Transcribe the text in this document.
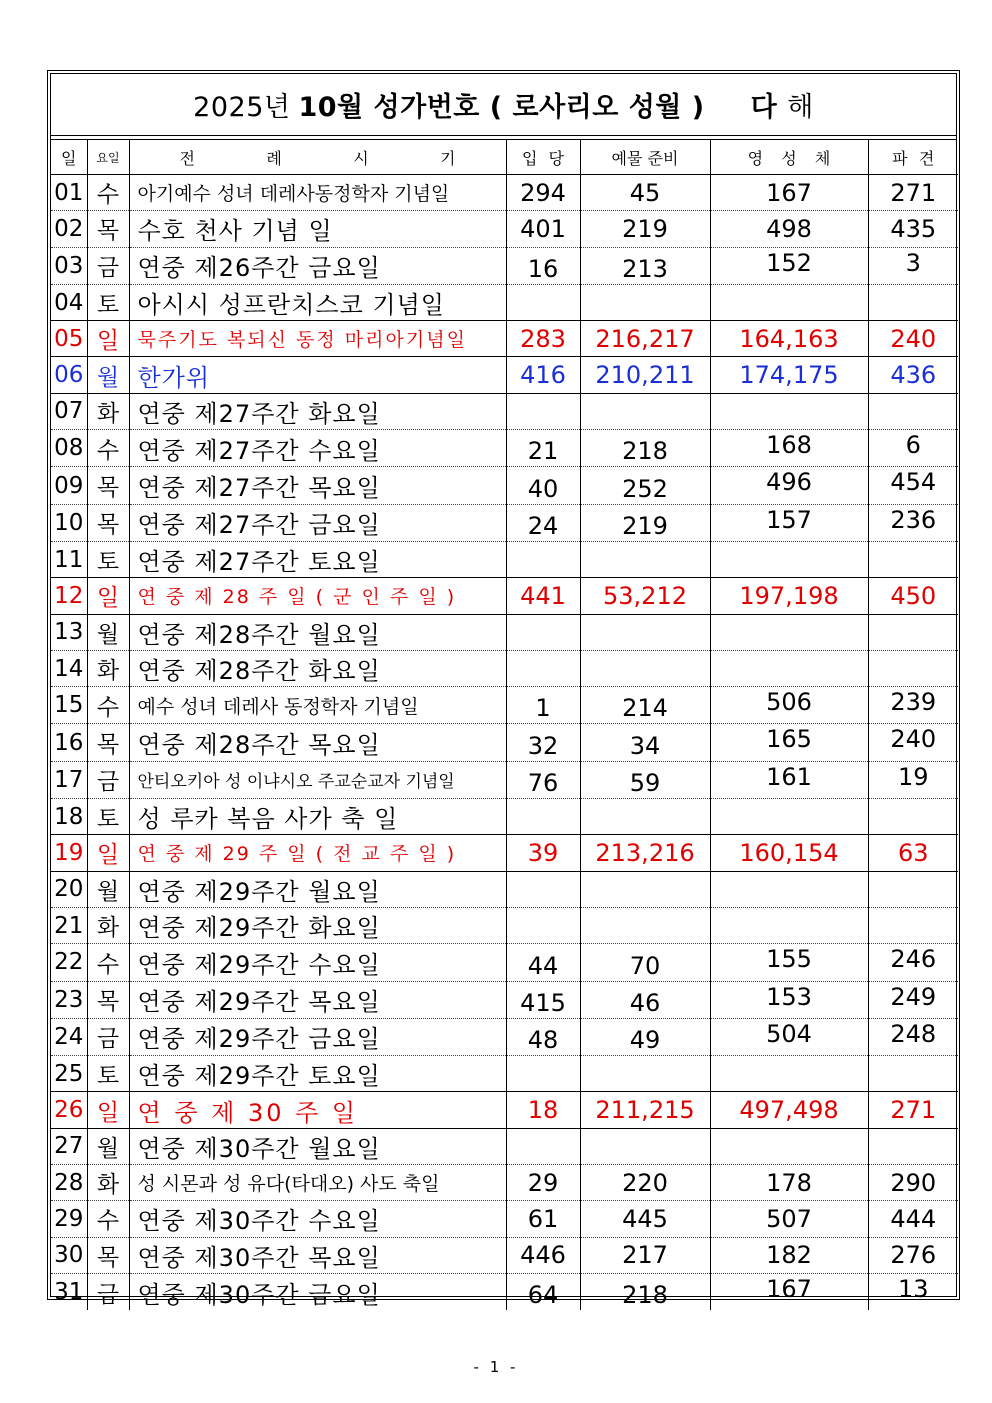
2025년 10월 성가번호 ( 로사리오 성월 ) 다 해
일	요일	전 례 시 기	입 당	예물 준비	영 성 체	파 견

01	수	아기예수 성녀 데레사동정학자 기념일	294	45	167	271
02	목	수호 천사 기념 일	401	219	498	435
03	금	연중 제26주간 금요일	16	213	152	3
04	토	아시시 성프란치스코 기념일				
05	일	묵주기도 복되신 동정 마리아기념일	283	216,217	164,163	240
06	월	한가위	416	210,211	174,175	436
07	화	연중 제27주간 화요일				
08	수	연중 제27주간 수요일	21	218	168	6
09	목	연중 제27주간 목요일	40	252	496	454
10	목	연중 제27주간 금요일	24	219	157	236
11	토	연중 제27주간 토요일				
12	일	연 중 제 28 주 일 ( 군 인 주 일 )	441	53,212	197,198	450
13	월	연중 제28주간 월요일				
14	화	연중 제28주간 화요일				
15	수	예수 성녀 데레사 동정학자 기념일	1	214	506	239
16	목	연중 제28주간 목요일	32	34	165	240
17	금	안티오키아 성 이냐시오 주교순교자 기념일	76	59	161	19
18	토	성 루카 복음 사가 축 일				
19	일	연 중 제 29 주 일 ( 전 교 주 일 )	39	213,216	160,154	63
20	월	연중 제29주간 월요일				
21	화	연중 제29주간 화요일				
22	수	연중 제29주간 수요일	44	70	155	246
23	목	연중 제29주간 목요일	415	46	153	249
24	금	연중 제29주간 금요일	48	49	504	248
25	토	연중 제29주간 토요일				
26	일	연 중 제 30 주 일	18	211,215	497,498	271
27	월	연중 제30주간 월요일				
28	화	성 시몬과 성 유다(타대오) 사도 축일	29	220	178	290
29	수	연중 제30주간 수요일	61	445	507	444
30	목	연중 제30주간 목요일	446	217	182	276
31	금	연중 제30주간 금요일	64	218	167	13
- 1 -
